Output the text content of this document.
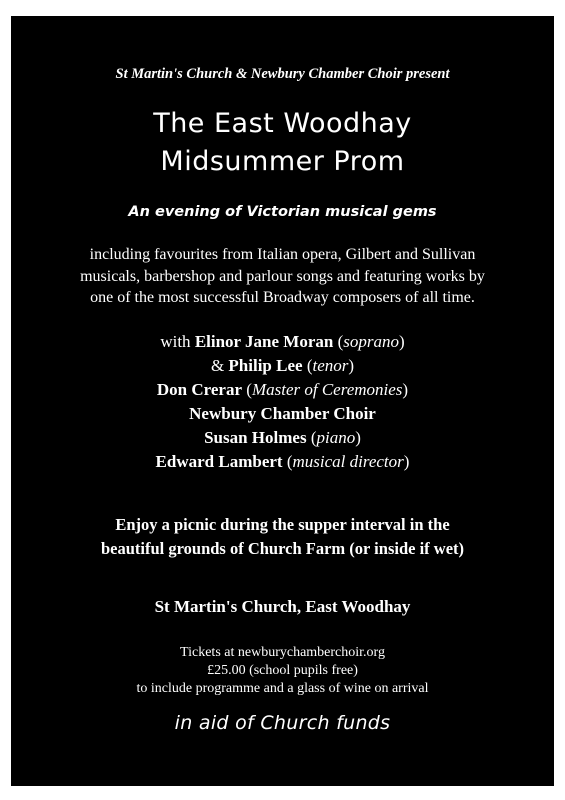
St Martin's Church & Newbury Chamber Choir present

The East Woodhay

Midsummer Prom

An evening of Victorian musical gems

including favourites from Italian opera, Gilbert and Sullivan
musicals, barbershop and parlour songs and featuring works by
one of the most successful Broadway composers of all time.
with Elinor Jane Moran (soprano)
& Philip Lee (tenor)
Don Crerar (Master of Ceremonies)
Newbury Chamber Choir
Susan Holmes (piano)
Edward Lambert (musical director)
Enjoy a picnic during the supper interval in the
beautiful grounds of Church Farm (or inside if wet)

St Martin's Church, East Woodhay

Tickets at newburychamberchoir.org
£25.00 (school pupils free)
to include programme and a glass of wine on arrival

in aid of Church funds
